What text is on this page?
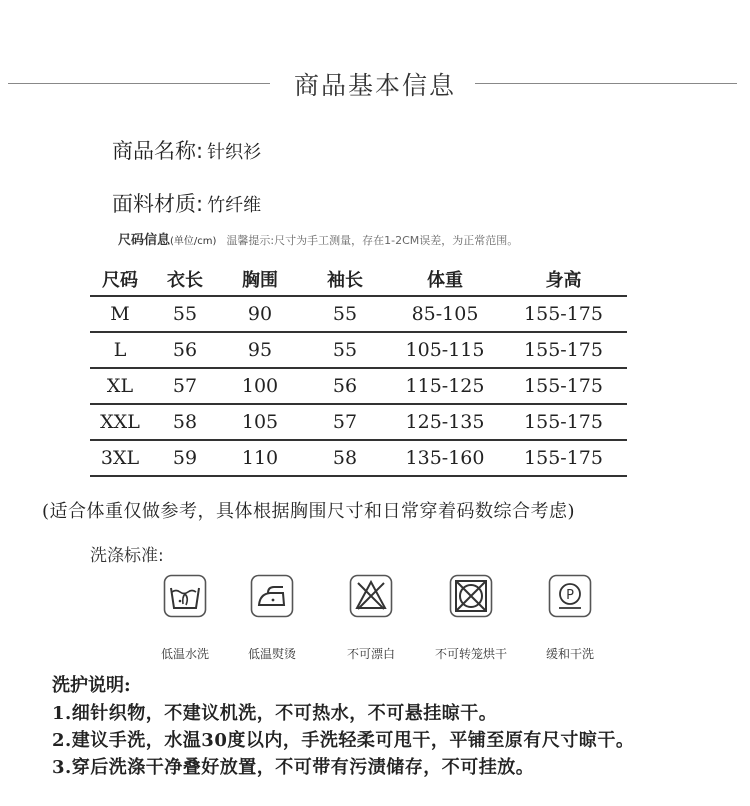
商品基本信息
商品名称: 针织衫
面料材质: 竹纤维
尺码信息(单位/cm) 温馨提示:尺寸为手工测量，存在1-2CM误差，为正常范围。
尺码	衣长	胸围	袖长	体重	身高
M	55	90	55	85-105	155-175
L	56	95	55	105-115	155-175
XL	57	100	56	115-125	155-175
XXL	58	105	57	125-135	155-175
3XL	59	110	58	135-160	155-175
(适合体重仅做参考，具体根据胸围尺寸和日常穿着码数综合考虑)
洗涤标准:
低温水洗	低温熨烫	不可漂白	不可转笼烘干
P
缓和干洗
洗护说明:
1.细针织物，不建议机洗，不可热水，不可悬挂晾干。
2.建议手洗，水温30度以内，手洗轻柔可甩干，平铺至原有尺寸晾干。
3.穿后洗涤干净叠好放置，不可带有污渍储存，不可挂放。
